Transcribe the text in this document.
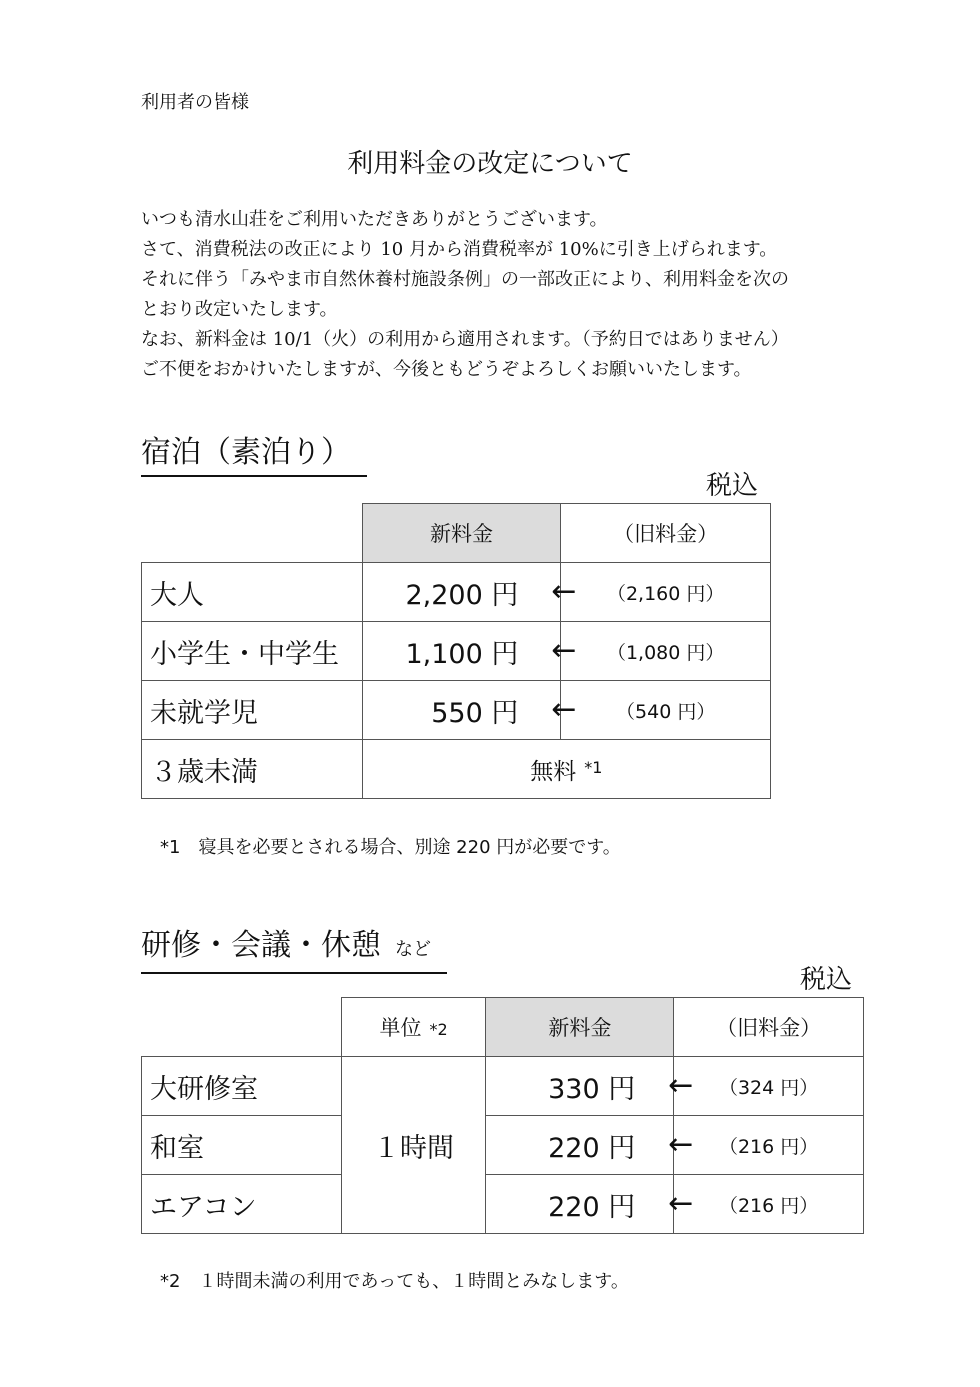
利用者の皆様
利用料金の改定について
いつも清水山荘をご利用いただきありがとうございます。
さて、消費税法の改正により 10 月から消費税率が 10%に引き上げられます。
それに伴う「みやま市自然休養村施設条例」の一部改正により、利用料金を次の
とおり改定いたします。
なお、新料金は 10/1（火）の利用から適用されます。（予約日ではありません）
ご不便をおかけいたしますが、今後ともどうぞよろしくお願いいたします。
宿泊（素泊り）
税込
	新料金	（旧料金）
大人	2,200 円 ←	（2,160 円）
小学生・中学生	1,100 円 ←	（1,080 円）
未就学児	550 円 ←	（540 円）
３歳未満	無料 $^{*1}$
*1　寝具を必要とされる場合、別途 220 円が必要です。
研修・会議・休憩 など
税込
	単位 *2	新料金	（旧料金）
大研修室	１時間	330 円 ←	（324 円）
和室		220 円 ←	（216 円）
エアコン		220 円 ←	（216 円）
*2　１時間未満の利用であっても、１時間とみなします。
